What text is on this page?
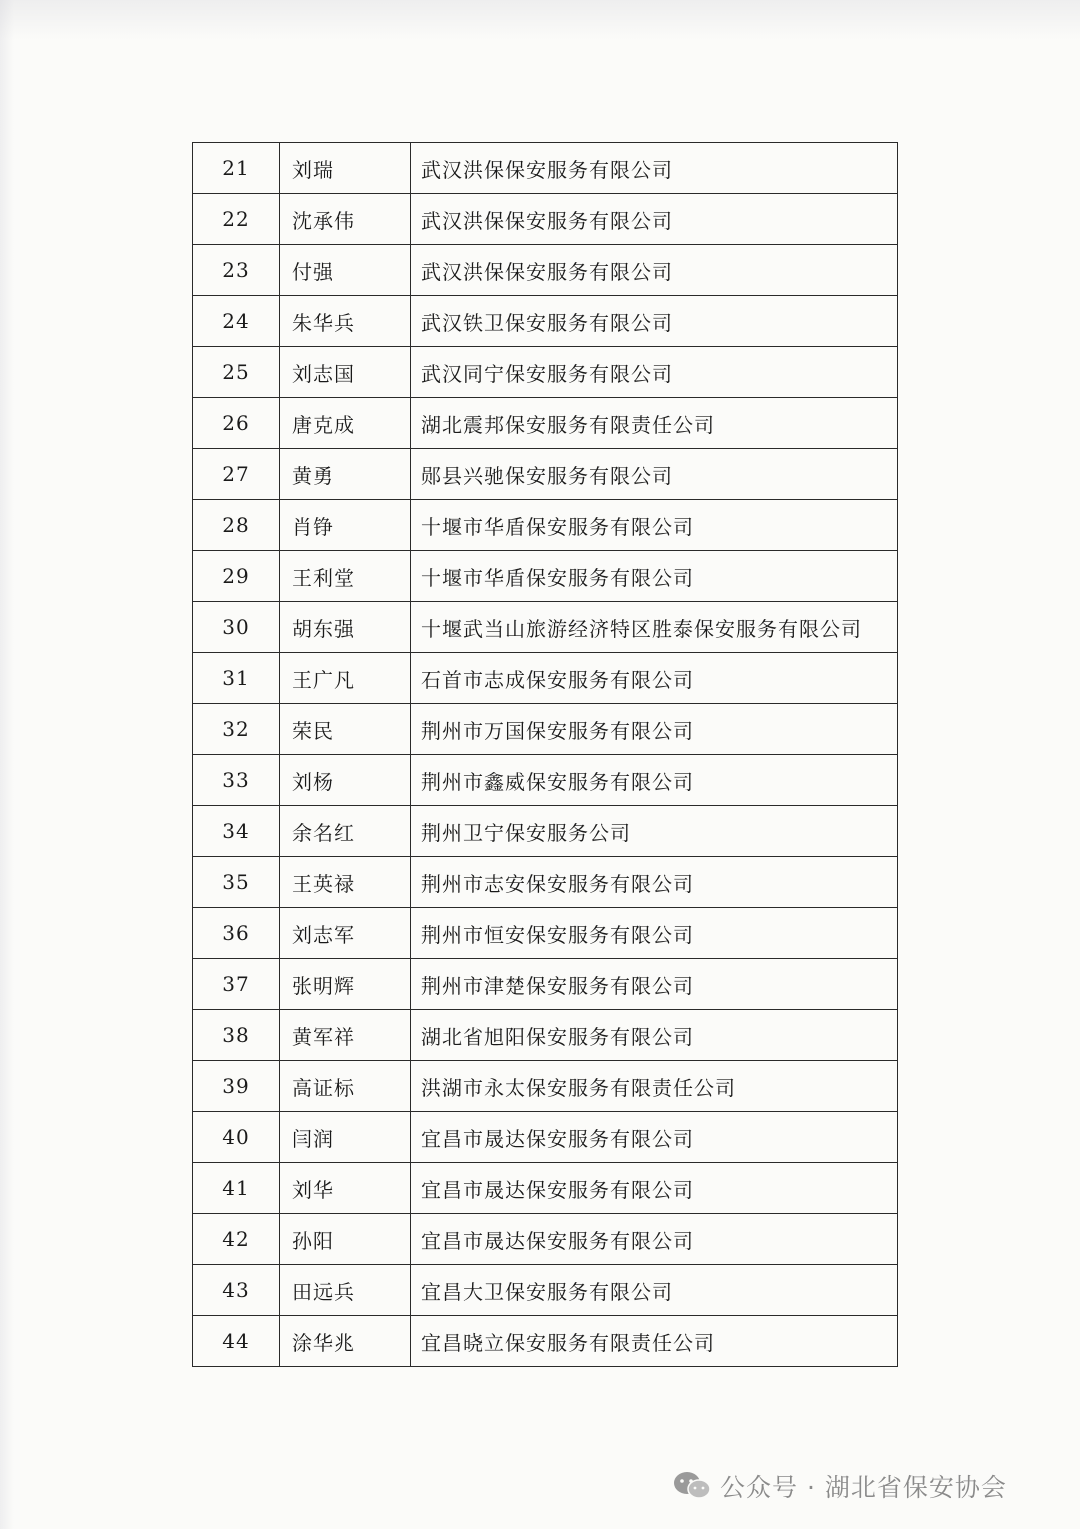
21	刘瑞	武汉洪保保安服务有限公司
22	沈承伟	武汉洪保保安服务有限公司
23	付强	武汉洪保保安服务有限公司
24	朱华兵	武汉铁卫保安服务有限公司
25	刘志国	武汉同宁保安服务有限公司
26	唐克成	湖北震邦保安服务有限责任公司
27	黄勇	郧县兴驰保安服务有限公司
28	肖铮	十堰市华盾保安服务有限公司
29	王利堂	十堰市华盾保安服务有限公司
30	胡东强	十堰武当山旅游经济特区胜泰保安服务有限公司
31	王广凡	石首市志成保安服务有限公司
32	荣民	荆州市万国保安服务有限公司
33	刘杨	荆州市鑫威保安服务有限公司
34	余名红	荆州卫宁保安服务公司
35	王英禄	荆州市志安保安服务有限公司
36	刘志军	荆州市恒安保安服务有限公司
37	张明辉	荆州市津楚保安服务有限公司
38	黄军祥	湖北省旭阳保安服务有限公司
39	高证标	洪湖市永太保安服务有限责任公司
40	闫润	宜昌市晟达保安服务有限公司
41	刘华	宜昌市晟达保安服务有限公司
42	孙阳	宜昌市晟达保安服务有限公司
43	田远兵	宜昌大卫保安服务有限公司
44	涂华兆	宜昌晓立保安服务有限责任公司
公众号 · 湖北省保安协会
